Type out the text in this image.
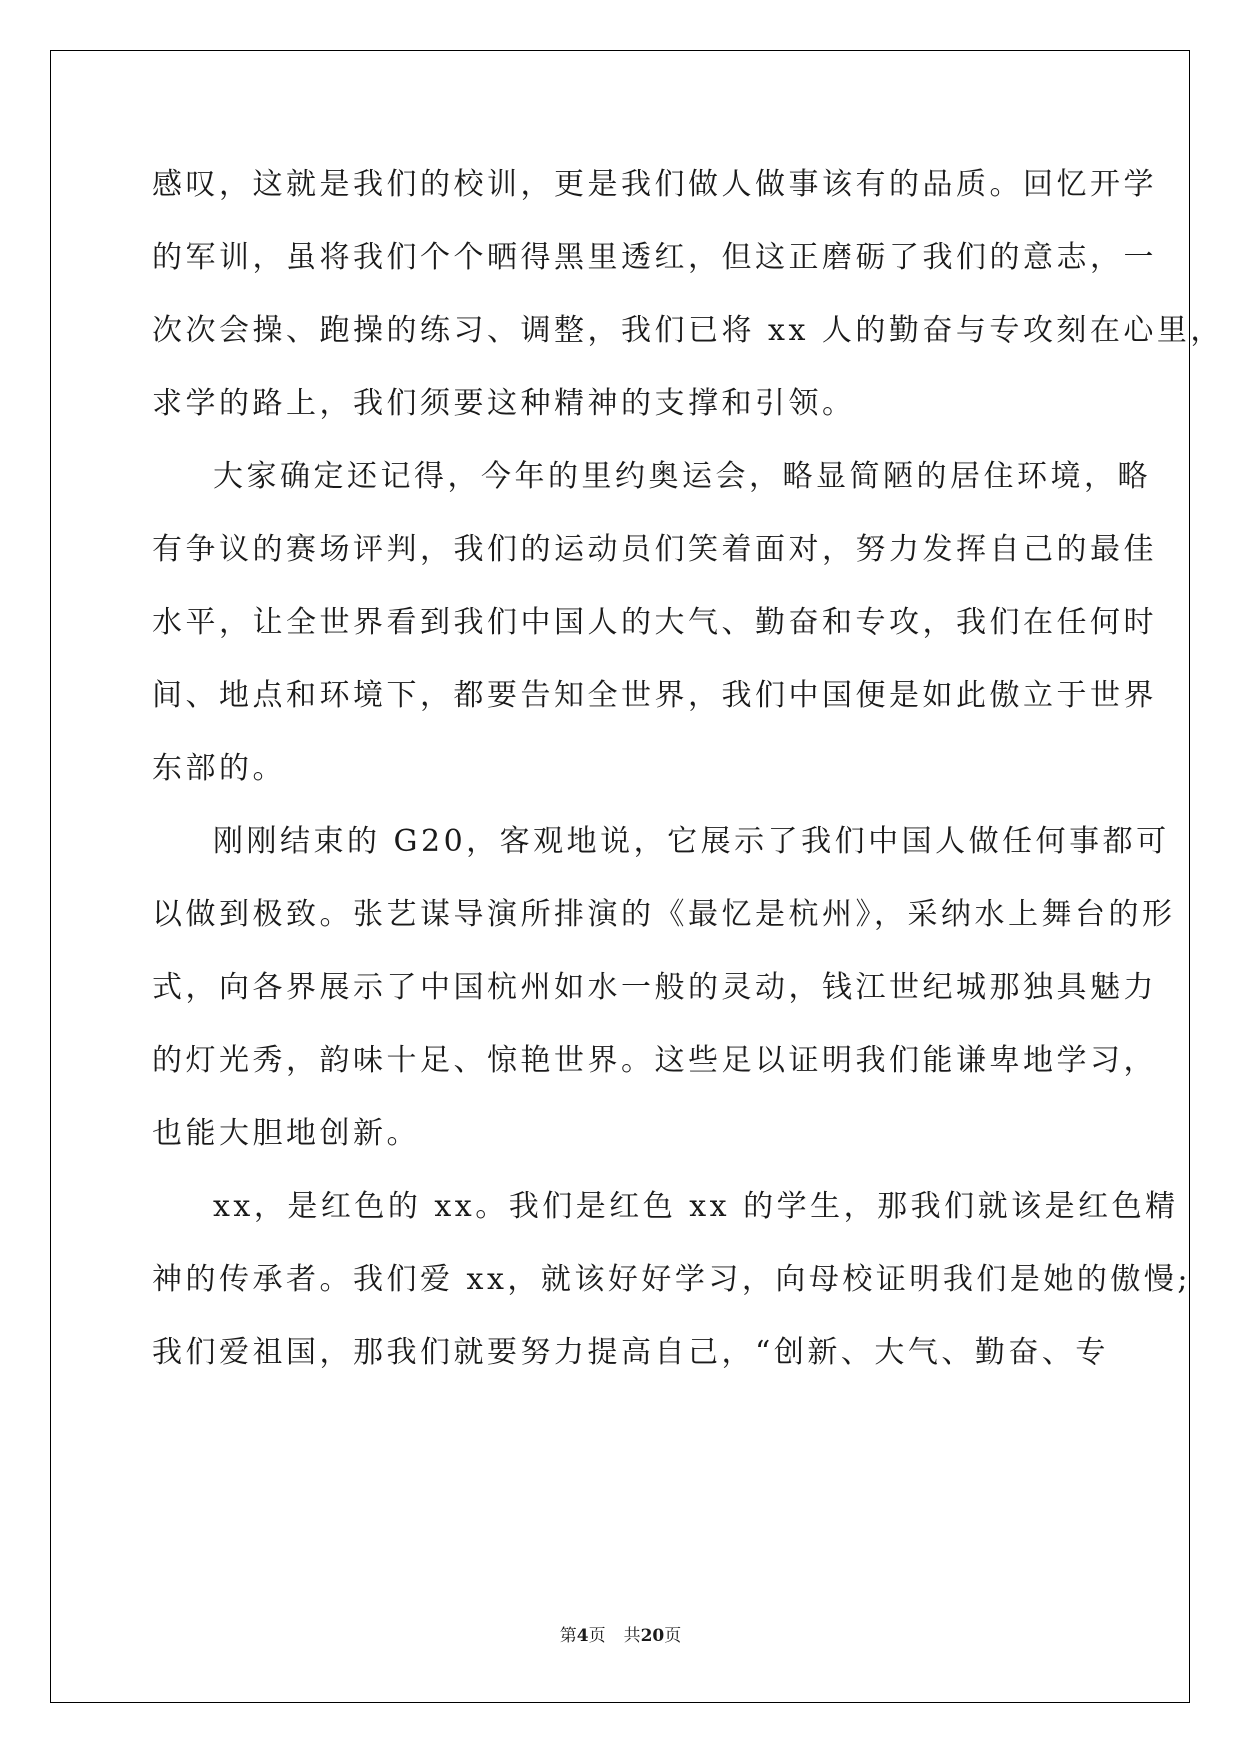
感叹，这就是我们的校训，更是我们做人做事该有的品质。回忆开学
的军训，虽将我们个个晒得黑里透红，但这正磨砺了我们的意志，一
次次会操、跑操的练习、调整，我们已将 xx 人的勤奋与专攻刻在心里，
求学的路上，我们须要这种精神的支撑和引领。
大家确定还记得，今年的里约奥运会，略显简陋的居住环境，略
有争议的赛场评判，我们的运动员们笑着面对，努力发挥自己的最佳
水平，让全世界看到我们中国人的大气、勤奋和专攻，我们在任何时
间、地点和环境下，都要告知全世界，我们中国便是如此傲立于世界
东部的。
刚刚结束的 G20，客观地说，它展示了我们中国人做任何事都可
以做到极致。张艺谋导演所排演的《最忆是杭州》，采纳水上舞台的形
式，向各界展示了中国杭州如水一般的灵动，钱江世纪城那独具魅力
的灯光秀，韵味十足、惊艳世界。这些足以证明我们能谦卑地学习，
也能大胆地创新。
xx，是红色的 xx。我们是红色 xx 的学生，那我们就该是红色精
神的传承者。我们爱 xx，就该好好学习，向母校证明我们是她的傲慢;
我们爱祖国，那我们就要努力提高自己，“创新、大气、勤奋、专
第4页 共20页
